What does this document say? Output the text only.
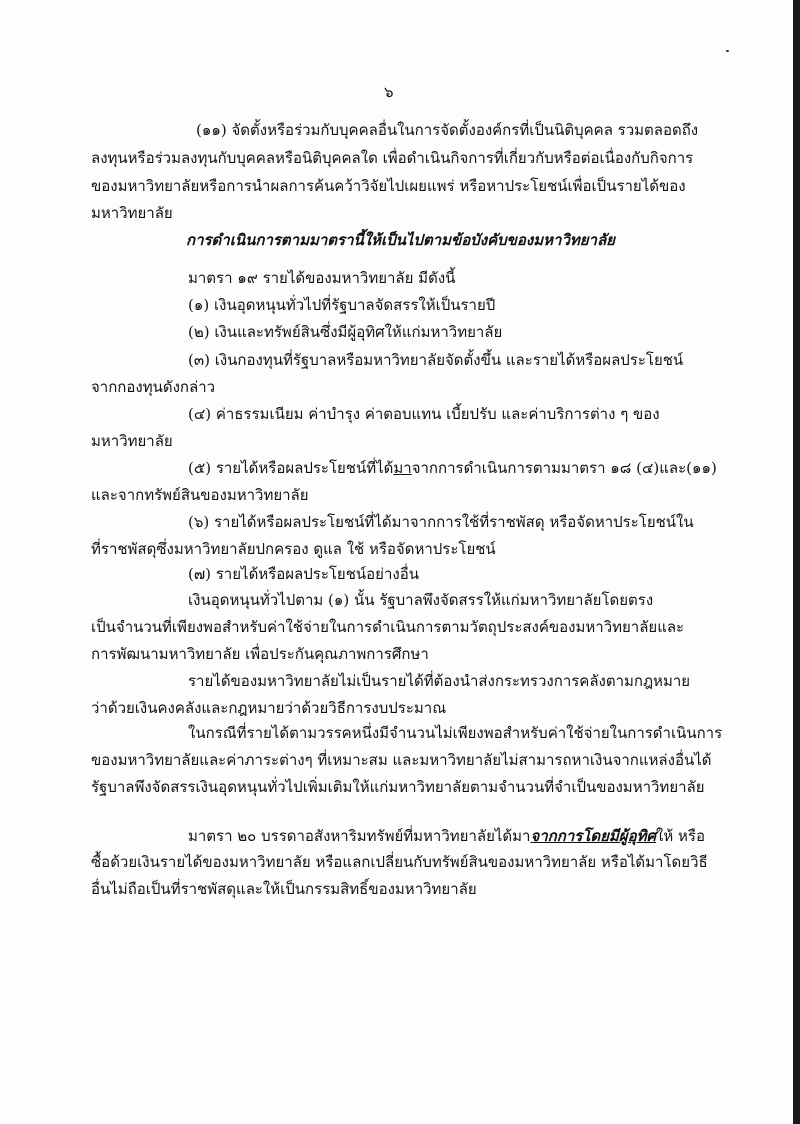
๖
(๑๑) จัดตั้งหรือร่วมกับบุคคลอื่นในการจัดตั้งองค์กรที่เป็นนิติบุคคล รวมตลอดถึง
ลงทุนหรือร่วมลงทุนกับบุคคลหรือนิติบุคคลใด เพื่อดำเนินกิจการที่เกี่ยวกับหรือต่อเนื่องกับกิจการ
ของมหาวิทยาลัยหรือการนำผลการค้นคว้าวิจัยไปเผยแพร่ หรือหาประโยชน์เพื่อเป็นรายได้ของ
มหาวิทยาลัย
การดำเนินการตามมาตรานี้ให้เป็นไปตามข้อบังคับของมหาวิทยาลัย
มาตรา ๑๙ รายได้ของมหาวิทยาลัย มีดังนี้
(๑) เงินอุดหนุนทั่วไปที่รัฐบาลจัดสรรให้เป็นรายปี
(๒) เงินและทรัพย์สินซึ่งมีผู้อุทิศให้แก่มหาวิทยาลัย
(๓) เงินกองทุนที่รัฐบาลหรือมหาวิทยาลัยจัดตั้งขึ้น และรายได้หรือผลประโยชน์
จากกองทุนดังกล่าว
(๔) ค่าธรรมเนียม ค่าบำรุง ค่าตอบแทน เบี้ยปรับ และค่าบริการต่าง ๆ ของ
มหาวิทยาลัย
(๕) รายได้หรือผลประโยชน์ที่ได้มาจากการดำเนินการตามมาตรา ๑๘ (๔)และ(๑๑)
และจากทรัพย์สินของมหาวิทยาลัย
(๖) รายได้หรือผลประโยชน์ที่ได้มาจากการใช้ที่ราชพัสดุ หรือจัดหาประโยชน์ใน
ที่ราชพัสดุซึ่งมหาวิทยาลัยปกครอง ดูแล ใช้ หรือจัดหาประโยชน์
(๗) รายได้หรือผลประโยชน์อย่างอื่น
เงินอุดหนุนทั่วไปตาม (๑) นั้น รัฐบาลพึงจัดสรรให้แก่มหาวิทยาลัยโดยตรง
เป็นจำนวนที่เพียงพอสำหรับค่าใช้จ่ายในการดำเนินการตามวัตถุประสงค์ของมหาวิทยาลัยและ
การพัฒนามหาวิทยาลัย เพื่อประกันคุณภาพการศึกษา
รายได้ของมหาวิทยาลัยไม่เป็นรายได้ที่ต้องนำส่งกระทรวงการคลังตามกฎหมาย
ว่าด้วยเงินคงคลังและกฎหมายว่าด้วยวิธีการงบประมาณ
ในกรณีที่รายได้ตามวรรคหนึ่งมีจำนวนไม่เพียงพอสำหรับค่าใช้จ่ายในการดำเนินการ
ของมหาวิทยาลัยและค่าภาระต่างๆ ที่เหมาะสม และมหาวิทยาลัยไม่สามารถหาเงินจากแหล่งอื่นได้
รัฐบาลพึงจัดสรรเงินอุดหนุนทั่วไปเพิ่มเติมให้แก่มหาวิทยาลัยตามจำนวนที่จำเป็นของมหาวิทยาลัย
มาตรา ๒๐ บรรดาอสังหาริมทรัพย์ที่มหาวิทยาลัยได้มาจากการโดยมีผู้อุทิศให้ หรือ
ซื้อด้วยเงินรายได้ของมหาวิทยาลัย หรือแลกเปลี่ยนกับทรัพย์สินของมหาวิทยาลัย หรือได้มาโดยวิธี
อื่นไม่ถือเป็นที่ราชพัสดุและให้เป็นกรรมสิทธิ์ของมหาวิทยาลัย
